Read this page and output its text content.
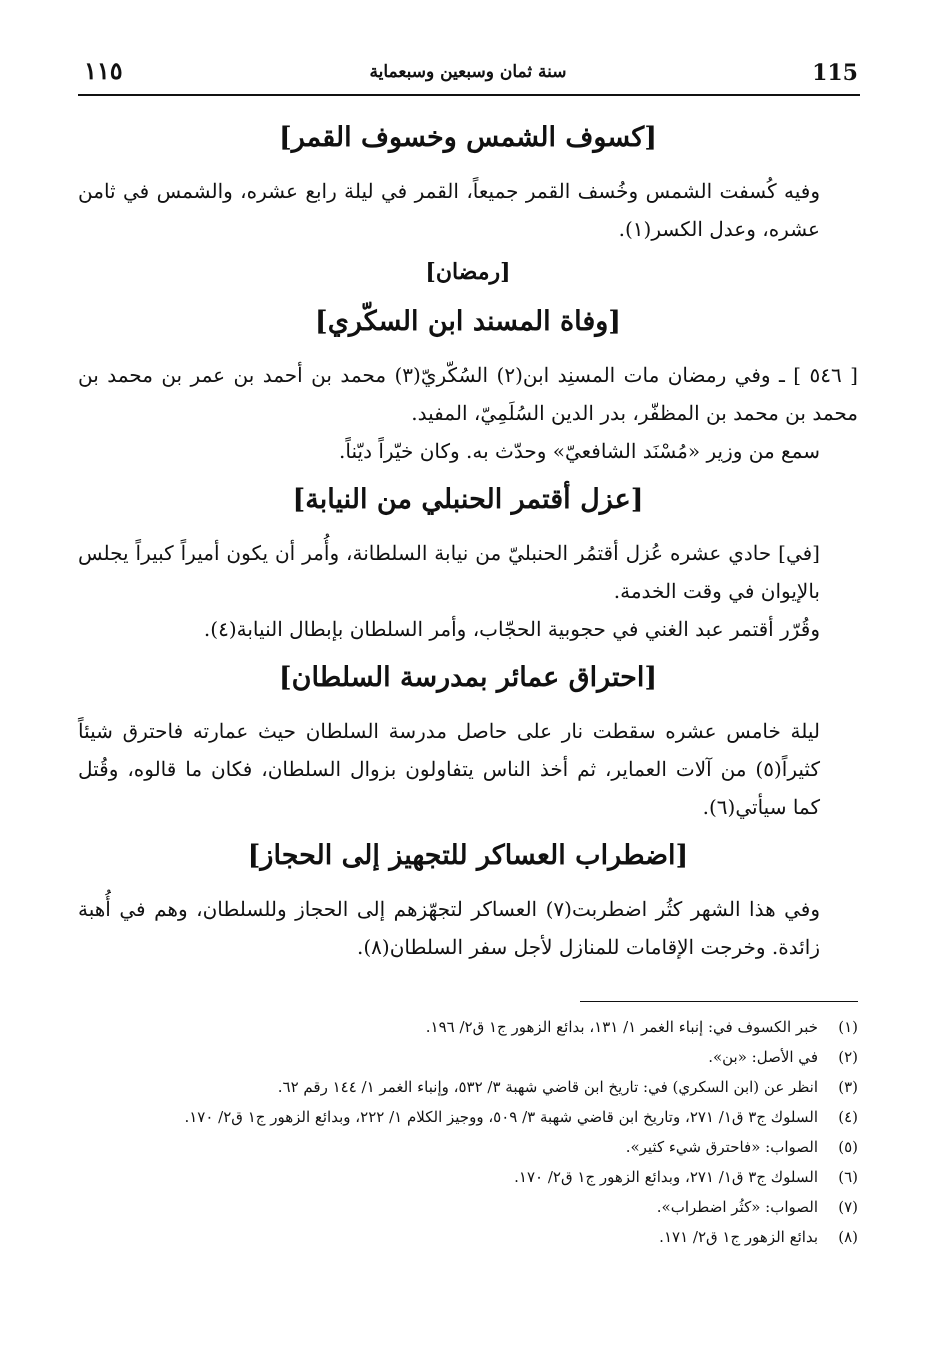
115
سنة ثمان وسبعين وسبعماية
١١٥
[كسوف الشمس وخسوف القمر]

وفيه كُسفت الشمس وخُسف القمر جميعاً، القمر في ليلة رابع عشره، والشمس في ثامن عشره، وعدل الكسر(١).

[رمضان]
[وفاة المسند ابن السكّري]

[ ٥٤٦ ] ـ وفي رمضان مات المسنِد ابن(٢) السُكّريّ(٣) محمد بن أحمد بن عمر بن محمد بن محمد بن محمد بن المظفّر، بدر الدين السُلَمِيّ، المفيد.

سمع من وزير «مُسْنَد الشافعيّ» وحدّث به. وكان خيّراً ديّناً.

[عزل أقتمر الحنبلي من النيابة]

[في] حادي عشره عُزل أقتمُر الحنبليّ من نيابة السلطانة، وأُمر أن يكون أميراً كبيراً يجلس بالإيوان في وقت الخدمة.

وقُرّر أقتمر عبد الغني في حجوبية الحجّاب، وأمر السلطان بإبطال النيابة(٤).

[احتراق عمائر بمدرسة السلطان]

ليلة خامس عشره سقطت نار على حاصل مدرسة السلطان حيث عمارته فاحترق شيئاً كثيراً(٥) من آلات العماير، ثم أخذ الناس يتفاولون بزوال السلطان، فكان ما قالوه، وقُتل كما سيأتي(٦).

[اضطراب العساكر للتجهيز إلى الحجاز]

وفي هذا الشهر كثُر اضطربت(٧) العساكر لتجهّزهم إلى الحجاز وللسلطان، وهم في أُهبة زائدة. وخرجت الإقامات للمنازل لأجل سفر السلطان(٨).

(١)
خبر الكسوف في: إنباء الغمر ١/ ١٣١، بدائع الزهور ج١ ق٢/ ١٩٦.
(٢)
في الأصل: «بن».
(٣)
انظر عن (ابن السكري) في: تاريخ ابن قاضي شهبة ٣/ ٥٣٢، وإنباء الغمر ١/ ١٤٤ رقم ٦٢.
(٤)
السلوك ج٣ ق١/ ٢٧١، وتاريخ ابن قاضي شهبة ٣/ ٥٠٩، ووجيز الكلام ١/ ٢٢٢، وبدائع الزهور ج١ ق٢/ ١٧٠.
(٥)
الصواب: «فاحترق شيء كثير».
(٦)
السلوك ج٣ ق١/ ٢٧١، وبدائع الزهور ج١ ق٢/ ١٧٠.
(٧)
الصواب: «كثُر اضطراب».
(٨)
بدائع الزهور ج١ ق٢/ ١٧١.
